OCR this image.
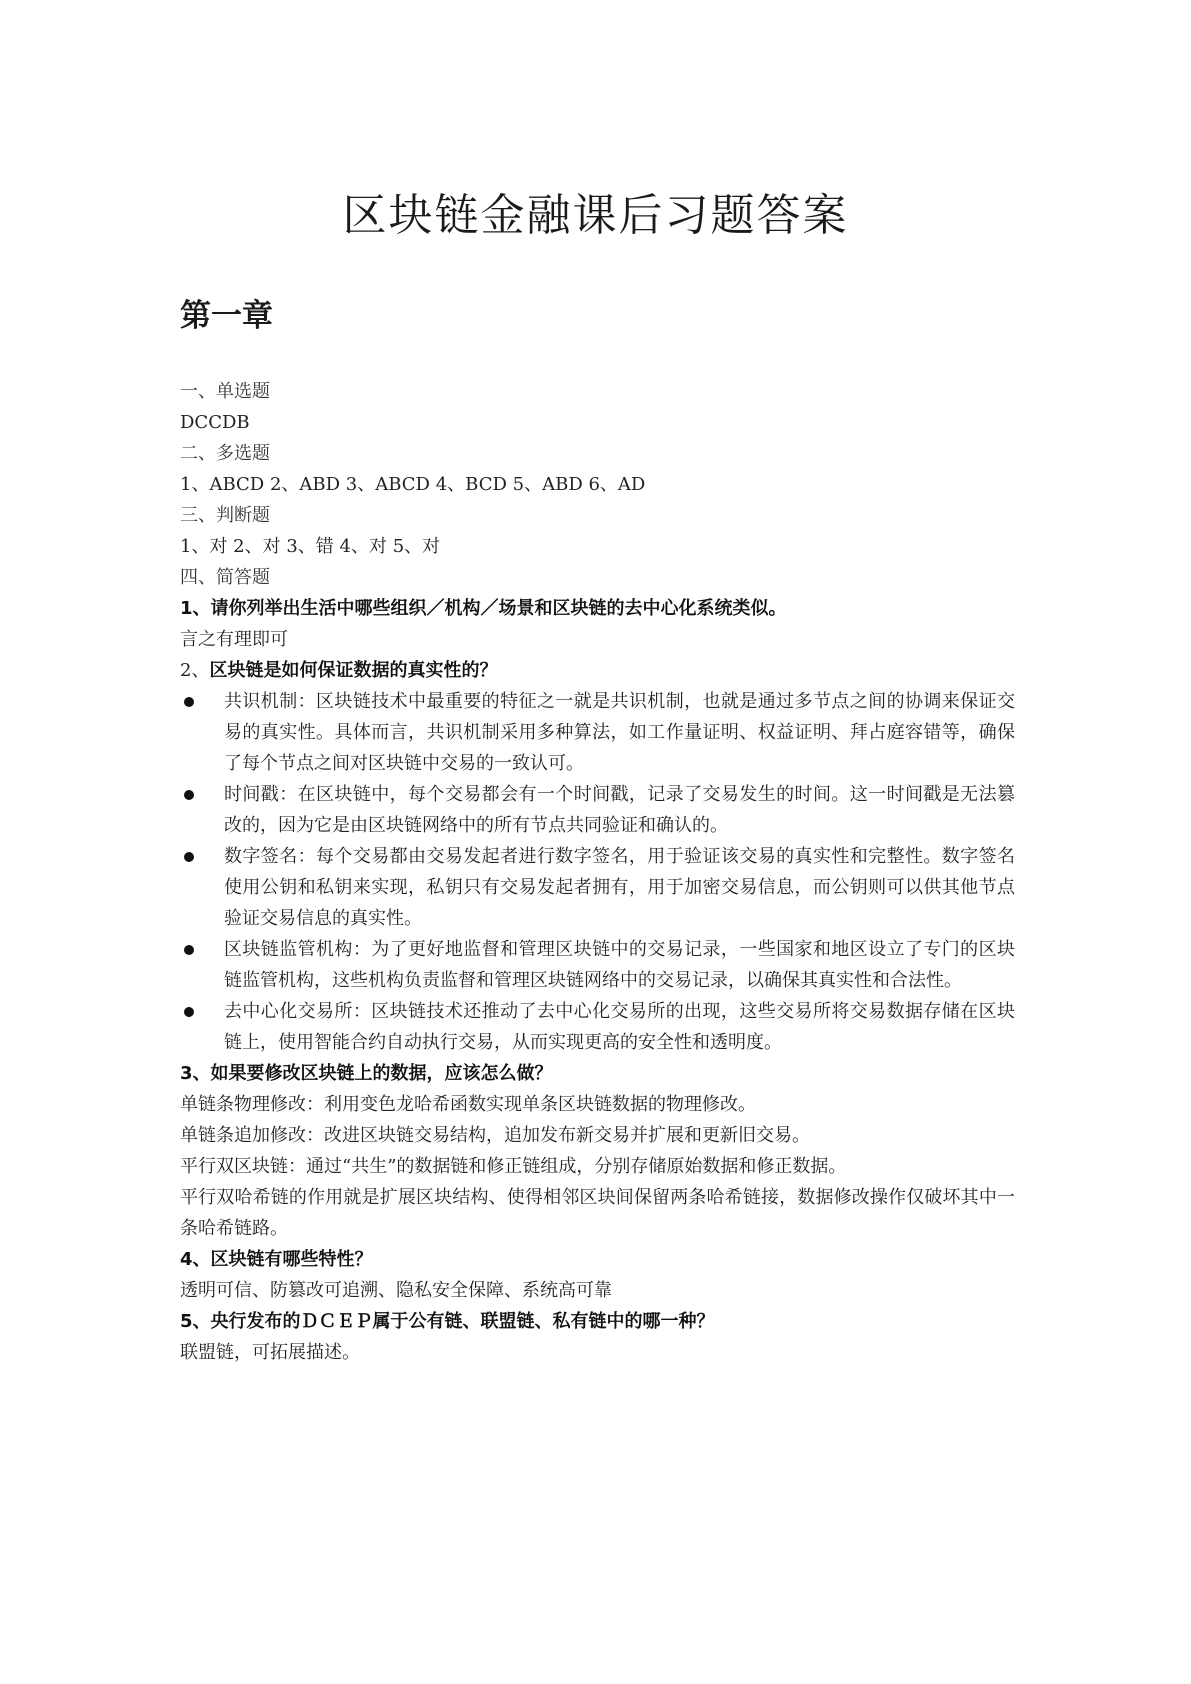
区块链金融课后习题答案
第一章

一、单选题

DCCDB

二、多选题

1、ABCD 2、ABD 3、ABCD 4、BCD 5、ABD 6、AD

三、判断题

1、对 2、对 3、错 4、对 5、对

四、简答题

1、请你列举出生活中哪些组织／机构／场景和区块链的去中心化系统类似。

言之有理即可

2、区块链是如何保证数据的真实性的？

共识机制：区块链技术中最重要的特征之一就是共识机制，也就是通过多节点之间的协调来保证交易的真实性。具体而言，共识机制采用多种算法，如工作量证明、权益证明、拜占庭容错等，确保了每个节点之间对区块链中交易的一致认可。
时间戳：在区块链中，每个交易都会有一个时间戳，记录了交易发生的时间。这一时间戳是无法篡改的，因为它是由区块链网络中的所有节点共同验证和确认的。
数字签名：每个交易都由交易发起者进行数字签名，用于验证该交易的真实性和完整性。数字签名使用公钥和私钥来实现，私钥只有交易发起者拥有，用于加密交易信息，而公钥则可以供其他节点验证交易信息的真实性。
区块链监管机构：为了更好地监督和管理区块链中的交易记录，一些国家和地区设立了专门的区块链监管机构，这些机构负责监督和管理区块链网络中的交易记录，以确保其真实性和合法性。
去中心化交易所：区块链技术还推动了去中心化交易所的出现，这些交易所将交易数据存储在区块链上，使用智能合约自动执行交易，从而实现更高的安全性和透明度。

3、如果要修改区块链上的数据，应该怎么做？

单链条物理修改：利用变色龙哈希函数实现单条区块链数据的物理修改。

单链条追加修改：改进区块链交易结构，追加发布新交易并扩展和更新旧交易。

平行双区块链：通过“共生”的数据链和修正链组成，分别存储原始数据和修正数据。

平行双哈希链的作用就是扩展区块结构、使得相邻区块间保留两条哈希链接，数据修改操作仅破坏其中一条哈希链路。

4、区块链有哪些特性？

透明可信、防篡改可追溯、隐私安全保障、系统高可靠

5、央行发布的ＤＣＥＰ属于公有链、联盟链、私有链中的哪一种？

联盟链，可拓展描述。
